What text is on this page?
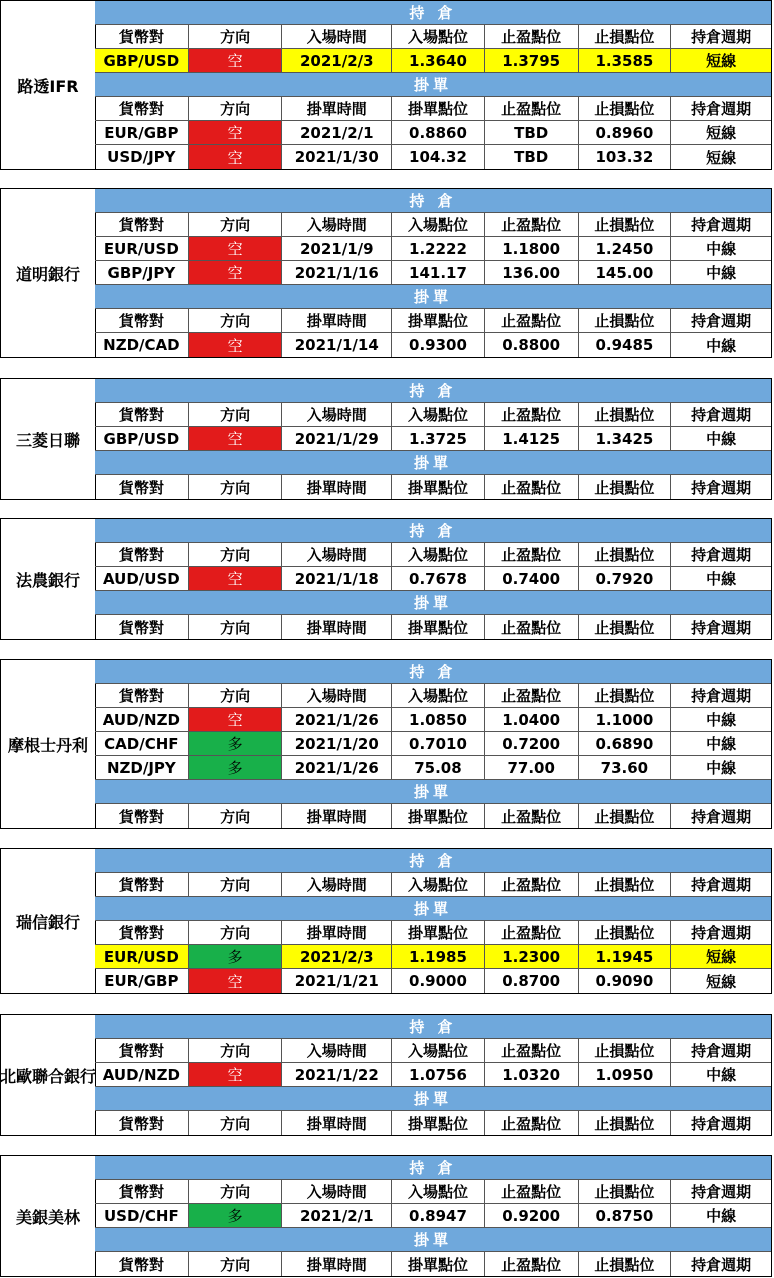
路透IFR
持 倉
貨幣對	方向	入場時間	入場點位	止盈點位	止損點位	持倉週期
GBP/USD	空	2021/2/3	1.3640	1.3795	1.3585	短線
掛單
貨幣對	方向	掛單時間	掛單點位	止盈點位	止損點位	持倉週期
EUR/GBP	空	2021/2/1	0.8860	TBD	0.8960	短線
USD/JPY	空	2021/1/30	104.32	TBD	103.32	短線
道明銀行
持 倉
貨幣對	方向	入場時間	入場點位	止盈點位	止損點位	持倉週期
EUR/USD	空	2021/1/9	1.2222	1.1800	1.2450	中線
GBP/JPY	空	2021/1/16	141.17	136.00	145.00	中線
掛單
貨幣對	方向	掛單時間	掛單點位	止盈點位	止損點位	持倉週期
NZD/CAD	空	2021/1/14	0.9300	0.8800	0.9485	中線
三菱日聯
持 倉
貨幣對	方向	入場時間	入場點位	止盈點位	止損點位	持倉週期
GBP/USD	空	2021/1/29	1.3725	1.4125	1.3425	中線
掛單
貨幣對	方向	掛單時間	掛單點位	止盈點位	止損點位	持倉週期
法農銀行
持 倉
貨幣對	方向	入場時間	入場點位	止盈點位	止損點位	持倉週期
AUD/USD	空	2021/1/18	0.7678	0.7400	0.7920	中線
掛單
貨幣對	方向	掛單時間	掛單點位	止盈點位	止損點位	持倉週期
摩根士丹利
持 倉
貨幣對	方向	入場時間	入場點位	止盈點位	止損點位	持倉週期
AUD/NZD	空	2021/1/26	1.0850	1.0400	1.1000	中線
CAD/CHF	多	2021/1/20	0.7010	0.7200	0.6890	中線
NZD/JPY	多	2021/1/26	75.08	77.00	73.60	中線
掛單
貨幣對	方向	掛單時間	掛單點位	止盈點位	止損點位	持倉週期
瑞信銀行
持 倉
貨幣對	方向	入場時間	入場點位	止盈點位	止損點位	持倉週期
掛單
貨幣對	方向	掛單時間	掛單點位	止盈點位	止損點位	持倉週期
EUR/USD	多	2021/2/3	1.1985	1.2300	1.1945	短線
EUR/GBP	空	2021/1/21	0.9000	0.8700	0.9090	短線
北歐聯合銀行
持 倉
貨幣對	方向	入場時間	入場點位	止盈點位	止損點位	持倉週期
AUD/NZD	空	2021/1/22	1.0756	1.0320	1.0950	中線
掛單
貨幣對	方向	掛單時間	掛單點位	止盈點位	止損點位	持倉週期
美銀美林
持 倉
貨幣對	方向	入場時間	入場點位	止盈點位	止損點位	持倉週期
USD/CHF	多	2021/2/1	0.8947	0.9200	0.8750	中線
掛單
貨幣對	方向	掛單時間	掛單點位	止盈點位	止損點位	持倉週期
